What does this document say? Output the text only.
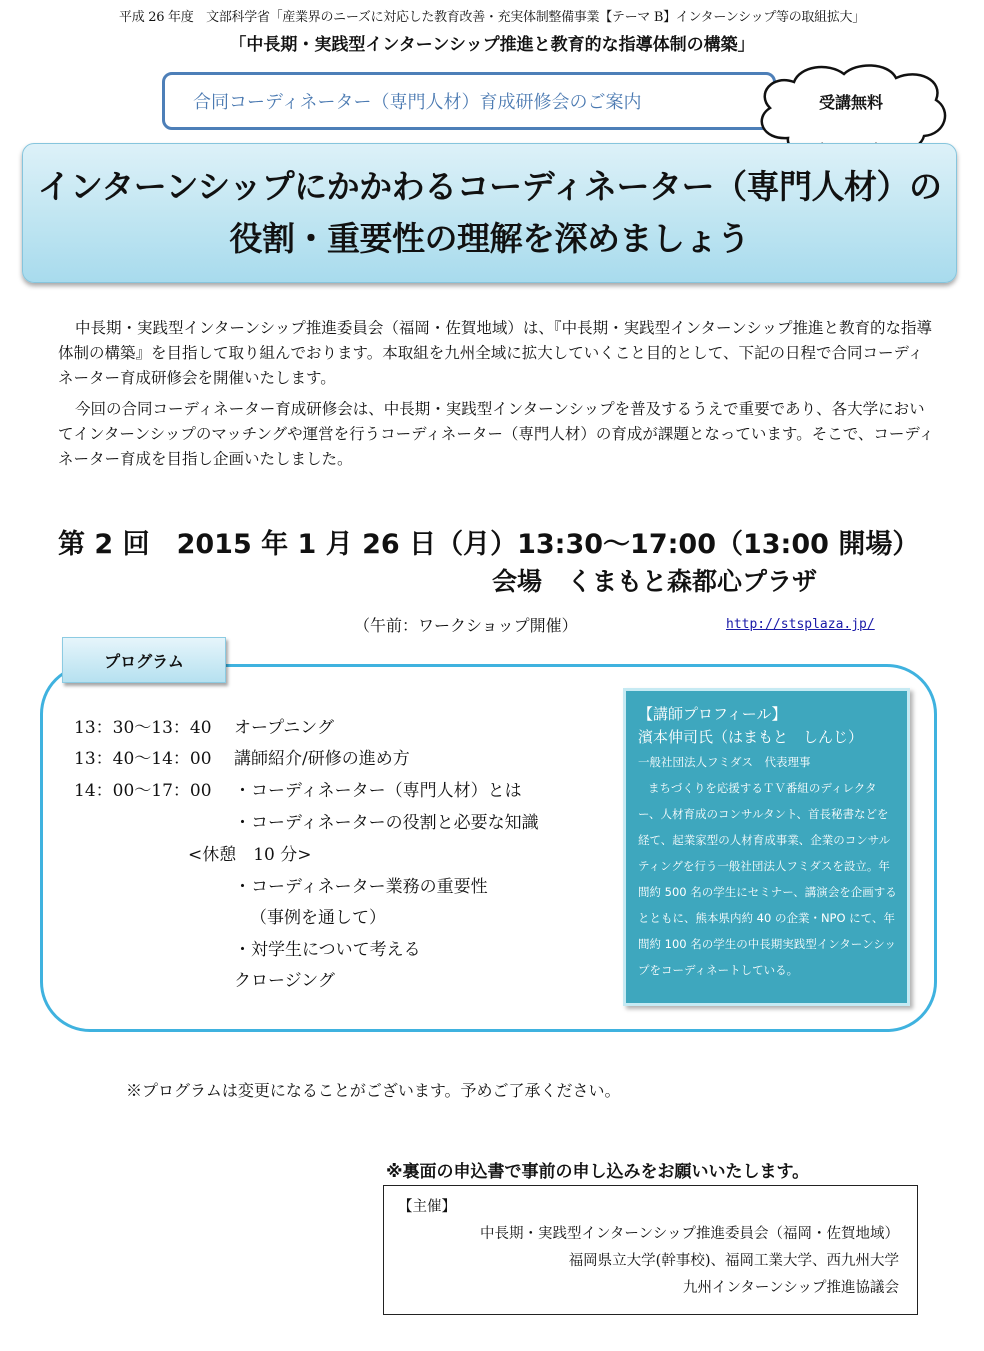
平成 26 年度　文部科学省「産業界のニーズに対応した教育改善・充実体制整備事業【テーマ B】インターンシップ等の取組拡大」
「中長期・実践型インターンシップ推進と教育的な指導体制の構築」
合同コーディネーター（専門人材）育成研修会のご案内	受講無料
インターンシップにかかわるコーディネーター（専門人材）の
役割・重要性の理解を深めましょう

中長期・実践型インターンシップ推進委員会（福岡・佐賀地域）は、『中長期・実践型インターンシップ推進と教育的な指導体制の構築』を目指して取り組んでおります。本取組を九州全域に拡大していくこと目的として、下記の日程で合同コーディネーター育成研修会を開催いたします。

今回の合同コーディネーター育成研修会は、中長期・実践型インターンシップを普及するうえで重要であり、各大学においてインターンシップのマッチングや運営を行うコーディネーター（専門人材）の育成が課題となっています。そこで、コーディネーター育成を目指し企画いたしました。

第 2 回　2015 年 1 月 26 日（月）13:30～17:00（13:00 開場）
会場　くまもと森都心プラザ
（午前：ワークショップ開催）	http://stsplaza.jp/
プログラム
13：30～13：40 オープニング
13：40～14：00 講師紹介/研修の進め方
14：00～17：00 ・コーディネーター（専門人材）とは
・コーディネーターの役割と必要な知識
<休憩　10 分>
・コーディネーター業務の重要性
（事例を通して）
・対学生について考える
クロージング
【講師プロフィール】
濱本伸司氏（はまもと　しんじ）
一般社団法人フミダス　代表理事
まちづくりを応援するＴＶ番組のディレクター、人材育成のコンサルタント、首長秘書などを経て、起業家型の人材育成事業、企業のコンサルティングを行う一般社団法人フミダスを設立。年間約 500 名の学生にセミナー、講演会を企画するとともに、熊本県内約 40 の企業・NPO にて、年間約 100 名の学生の中長期実践型インターンシップをコーディネートしている。
※プログラムは変更になることがございます。予めご了承ください。
※裏面の申込書で事前の申し込みをお願いいたします。
【主催】
中長期・実践型インターンシップ推進委員会（福岡・佐賀地域）
福岡県立大学(幹事校)、福岡工業大学、西九州大学
九州インターンシップ推進協議会
